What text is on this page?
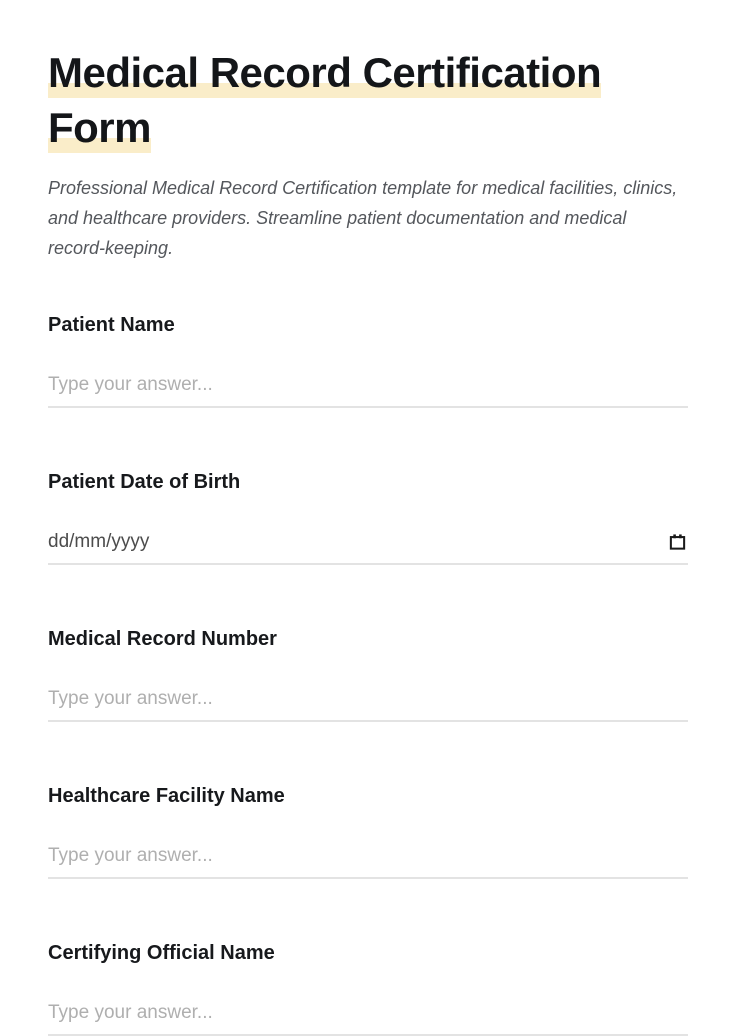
Medical Record Certification Form

Professional Medical Record Certification template for medical facilities, clinics, and healthcare providers. Streamline patient documentation and medical record-keeping.

Patient Name
Type your answer...
Patient Date of Birth
dd/mm/yyyy
Medical Record Number
Type your answer...
Healthcare Facility Name
Type your answer...
Certifying Official Name
Type your answer...
